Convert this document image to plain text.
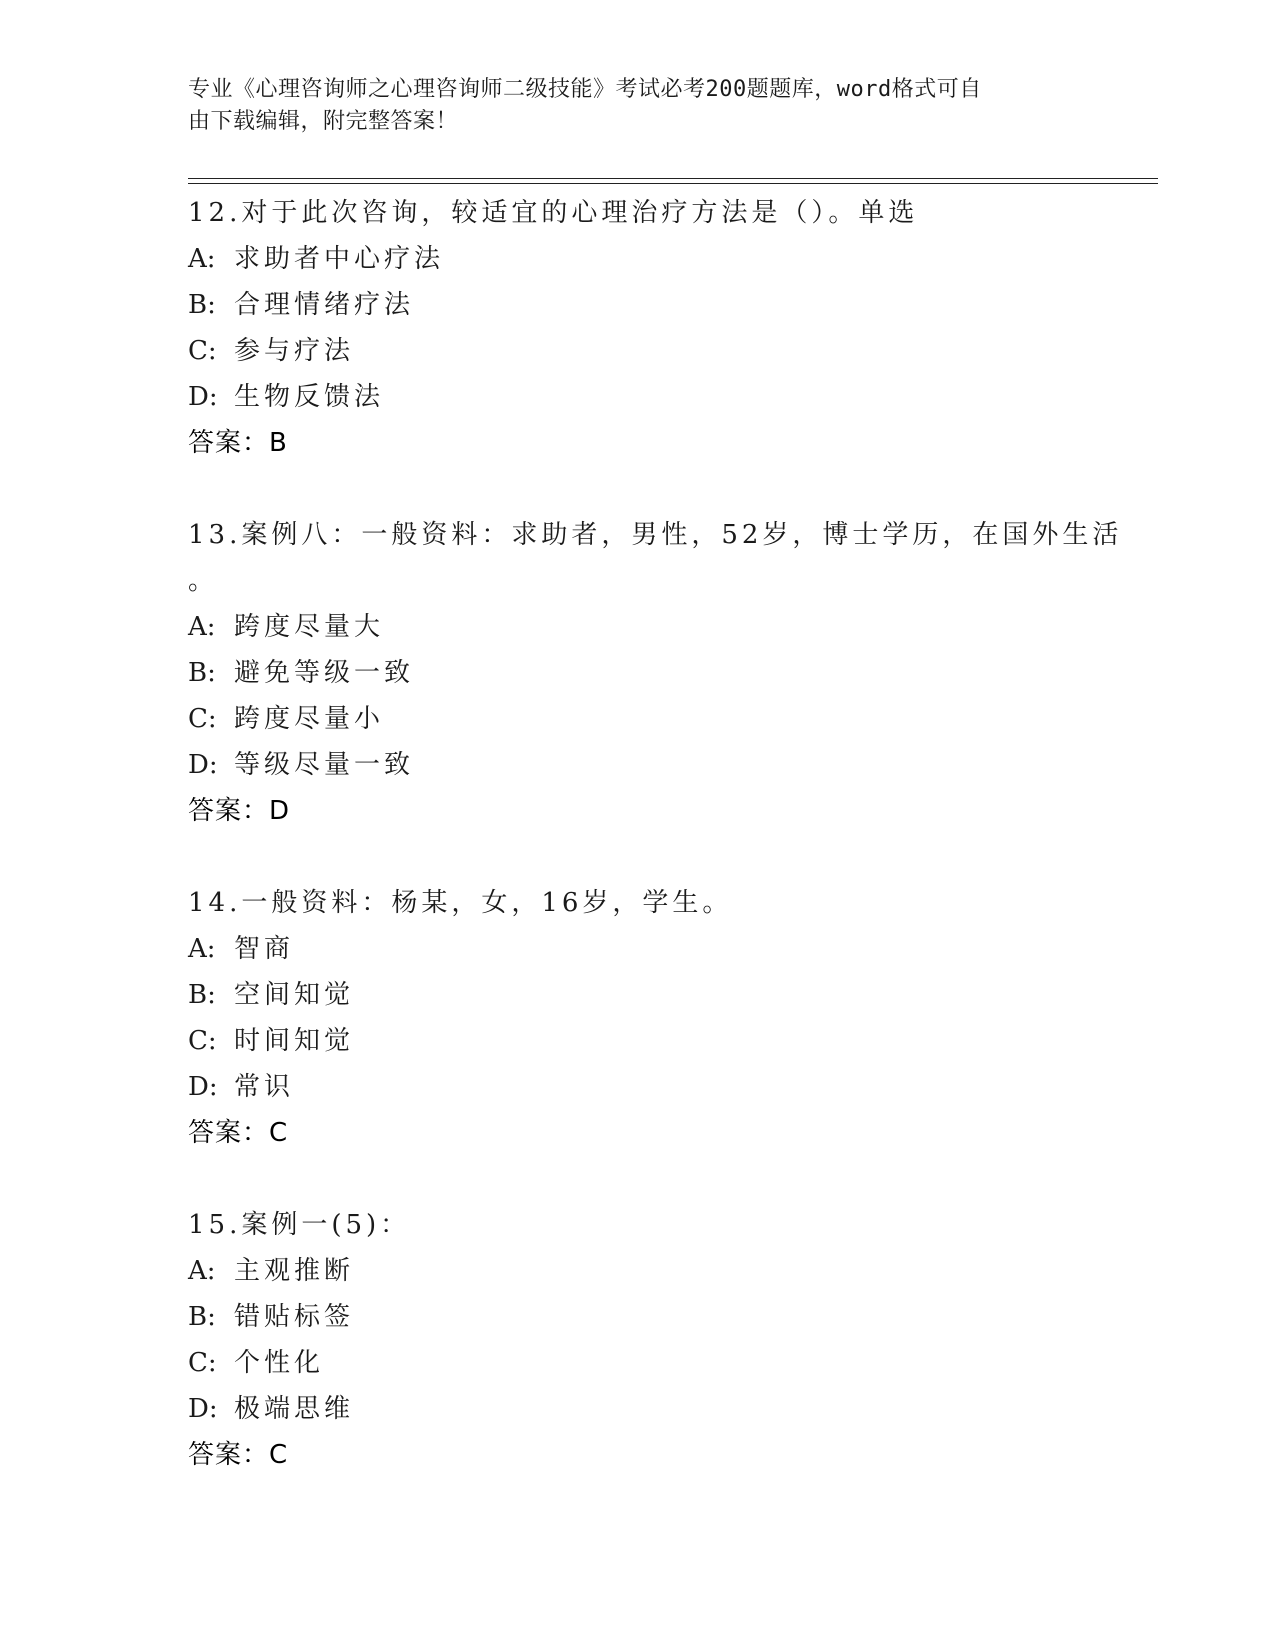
专业《心理咨询师之心理咨询师二级技能》考试必考200题题库，word格式可自
由下载编辑，附完整答案！
12.对于此次咨询，较适宜的心理治疗方法是（）。单选
A: 求助者中心疗法
B: 合理情绪疗法
C: 参与疗法
D: 生物反馈法
答案：B
13.案例八：一般资料：求助者，男性，52岁，博士学历，在国外生活
。
A: 跨度尽量大
B: 避免等级一致
C: 跨度尽量小
D: 等级尽量一致
答案：D
14.一般资料：杨某，女，16岁，学生。
A: 智商
B: 空间知觉
C: 时间知觉
D: 常识
答案：C
15.案例一(5)：
A: 主观推断
B: 错贴标签
C: 个性化
D: 极端思维
答案：C
